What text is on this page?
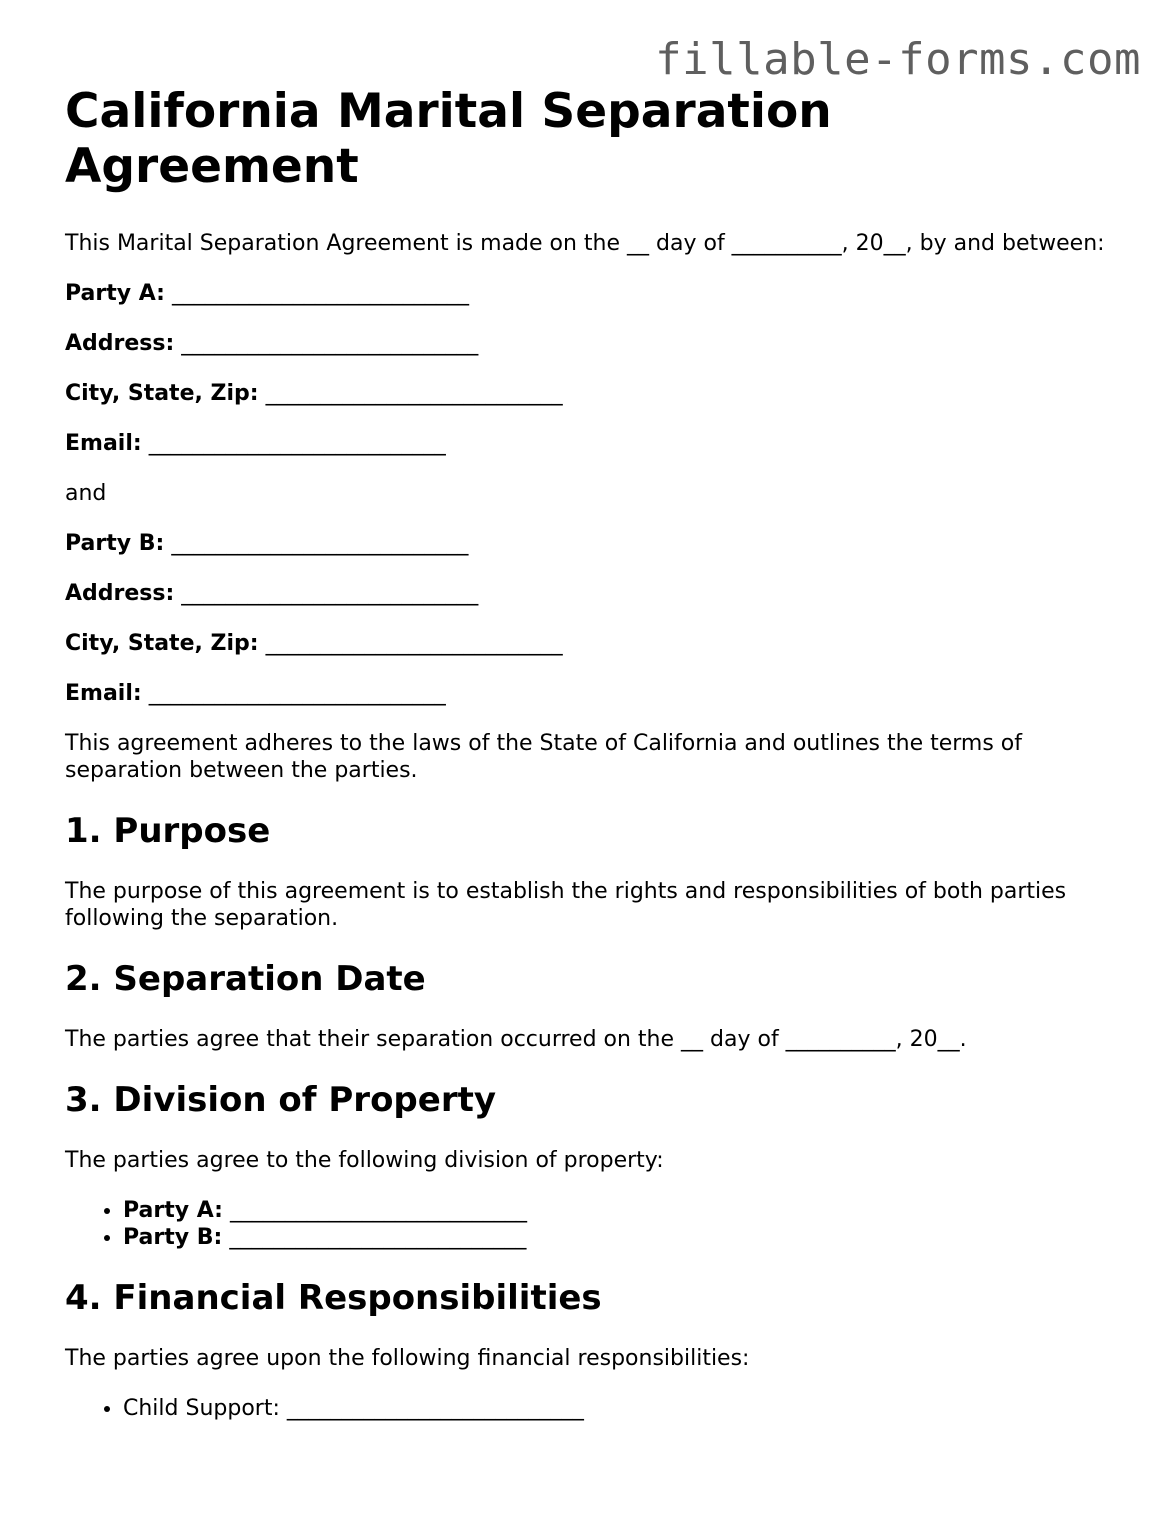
fillable-forms.com
California Marital Separation Agreement

This Marital Separation Agreement is made on the __ day of __________, 20__, by and between:

Party A: ___________________________

Address: ___________________________

City, State, Zip: ___________________________

Email: ___________________________

and

Party B: ___________________________

Address: ___________________________

City, State, Zip: ___________________________

Email: ___________________________

This agreement adheres to the laws of the State of California and outlines the terms of separation between the parties.

1. Purpose

The purpose of this agreement is to establish the rights and responsibilities of both parties following the separation.

2. Separation Date

The parties agree that their separation occurred on the __ day of __________, 20__.

3. Division of Property

The parties agree to the following division of property:

• Party A: ___________________________
• Party B: ___________________________
4. Financial Responsibilities

The parties agree upon the following financial responsibilities:

• Child Support: ___________________________
